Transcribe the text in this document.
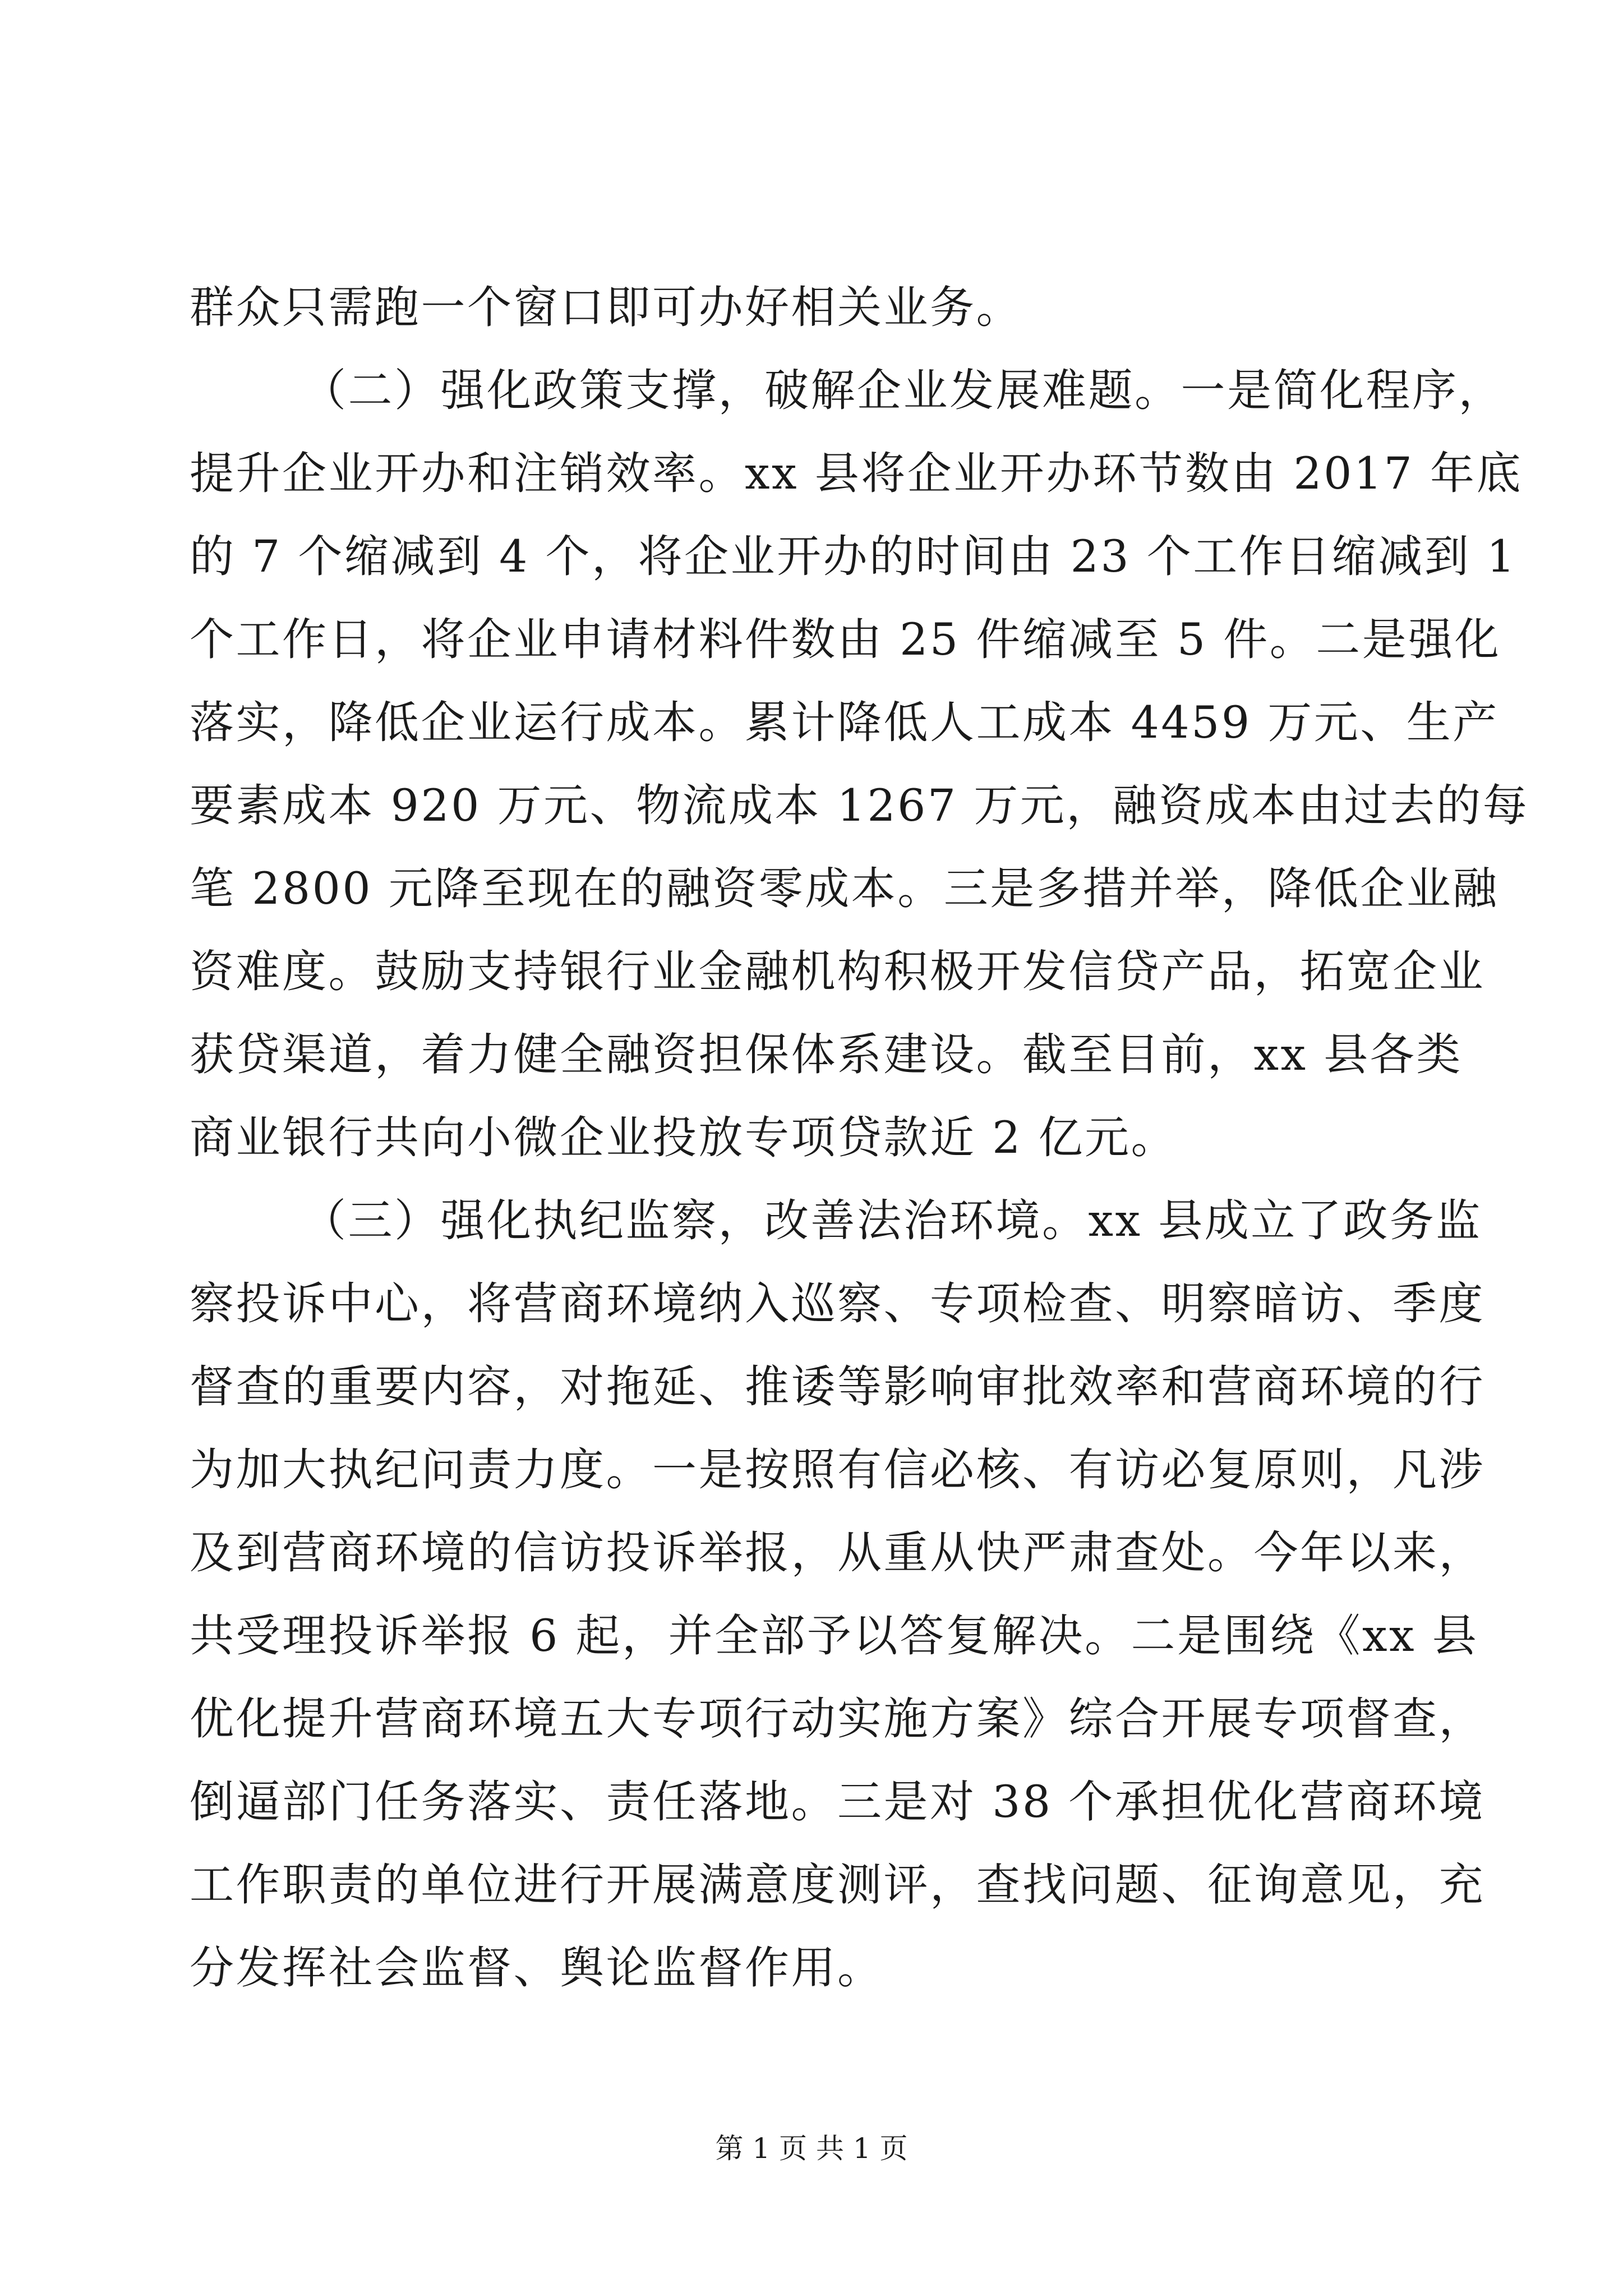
群众只需跑一个窗口即可办好相关业务。
（二）强化政策支撑，破解企业发展难题。一是简化程序，
提升企业开办和注销效率。xx 县将企业开办环节数由 2017 年底
的 7 个缩减到 4 个，将企业开办的时间由 23 个工作日缩减到 1
个工作日，将企业申请材料件数由 25 件缩减至 5 件。二是强化
落实，降低企业运行成本。累计降低人工成本 4459 万元、生产
要素成本 920 万元、物流成本 1267 万元，融资成本由过去的每
笔 2800 元降至现在的融资零成本。三是多措并举，降低企业融
资难度。鼓励支持银行业金融机构积极开发信贷产品，拓宽企业
获贷渠道，着力健全融资担保体系建设。截至目前，xx 县各类
商业银行共向小微企业投放专项贷款近 2 亿元。
（三）强化执纪监察，改善法治环境。xx 县成立了政务监
察投诉中心，将营商环境纳入巡察、专项检查、明察暗访、季度
督查的重要内容，对拖延、推诿等影响审批效率和营商环境的行
为加大执纪问责力度。一是按照有信必核、有访必复原则，凡涉
及到营商环境的信访投诉举报，从重从快严肃查处。今年以来，
共受理投诉举报 6 起，并全部予以答复解决。二是围绕《xx 县
优化提升营商环境五大专项行动实施方案》综合开展专项督查，
倒逼部门任务落实、责任落地。三是对 38 个承担优化营商环境
工作职责的单位进行开展满意度测评，查找问题、征询意见，充
分发挥社会监督、舆论监督作用。
第 1 页 共 1 页
